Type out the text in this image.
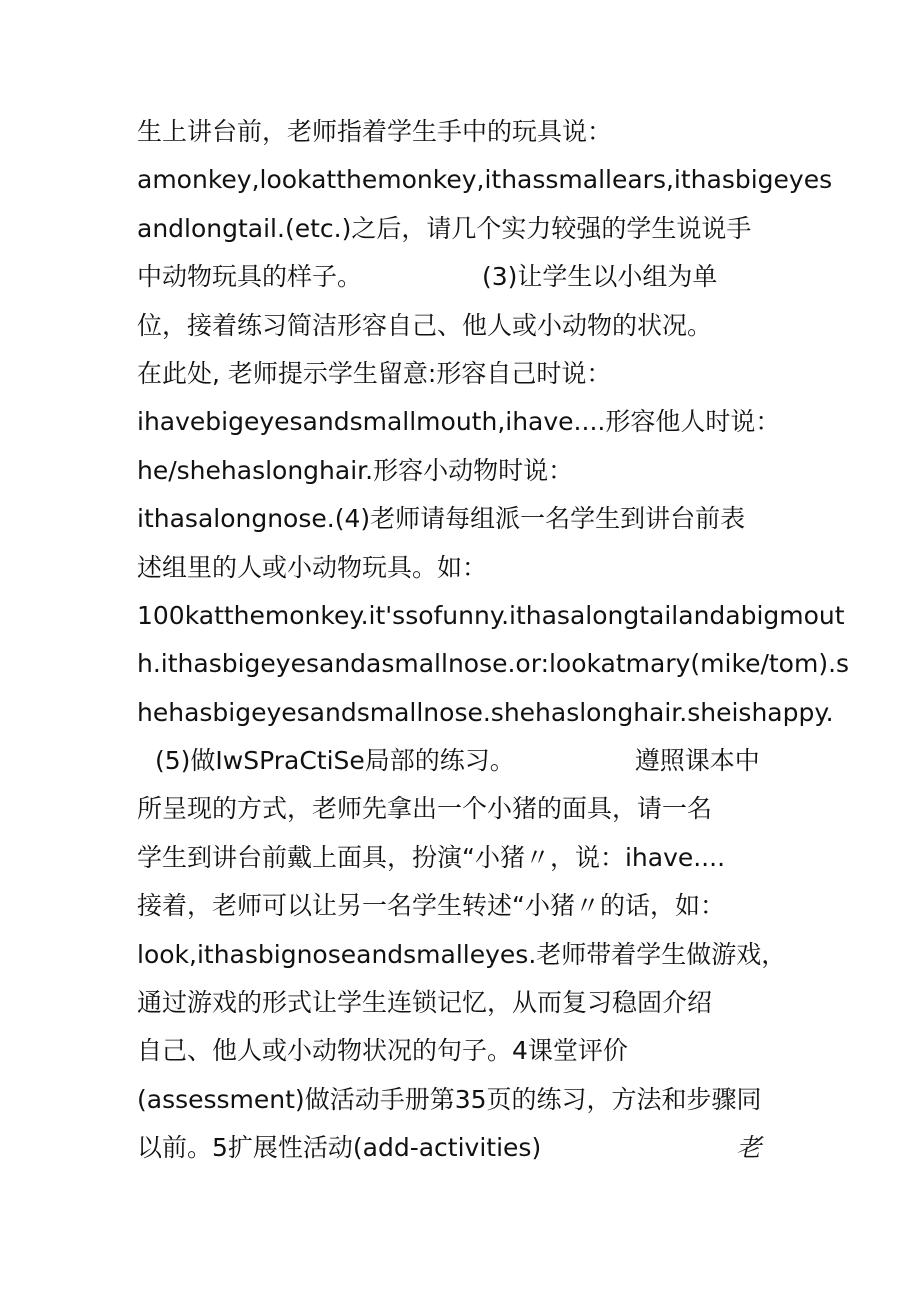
生上讲台前，老师指着学生手中的玩具说：
amonkey,lookatthemonkey,ithassmallears,ithasbigeyes
andlongtail.(etc.)之后，请几个实力较强的学生说说手
中动物玩具的样子。	(3)让学生以小组为单
位，接着练习简洁形容自己、他人或小动物的状况。
在此处, 老师提示学生留意:形容自己时说：
ihavebigeyesandsmallmouth,ihave....形容他人时说：
he/shehaslonghair.形容小动物时说：
ithasalongnose.(4)老师请每组派一名学生到讲台前表
述组里的人或小动物玩具。如：
100katthemonkey.it'ssofunny.ithasalongtailandabigmout
h.ithasbigeyesandasmallnose.or:lookatmary(mike/tom).s
hehasbigeyesandsmallnose.shehaslonghair.sheishappy.
(5)做IwSPraCtiSe局部的练习。	遵照课本中
所呈现的方式，老师先拿出一个小猪的面具，请一名
学生到讲台前戴上面具，扮演“小猪〃，说：ihave....
接着，老师可以让另一名学生转述“小猪〃的话，如：
look,ithasbignoseandsmalleyes.老师带着学生做游戏，
通过游戏的形式让学生连锁记忆，从而复习稳固介绍
自己、他人或小动物状况的句子。4课堂评价
(assessment)做活动手册第35页的练习，方法和步骤同
以前。5扩展性活动(add-activities)	老
